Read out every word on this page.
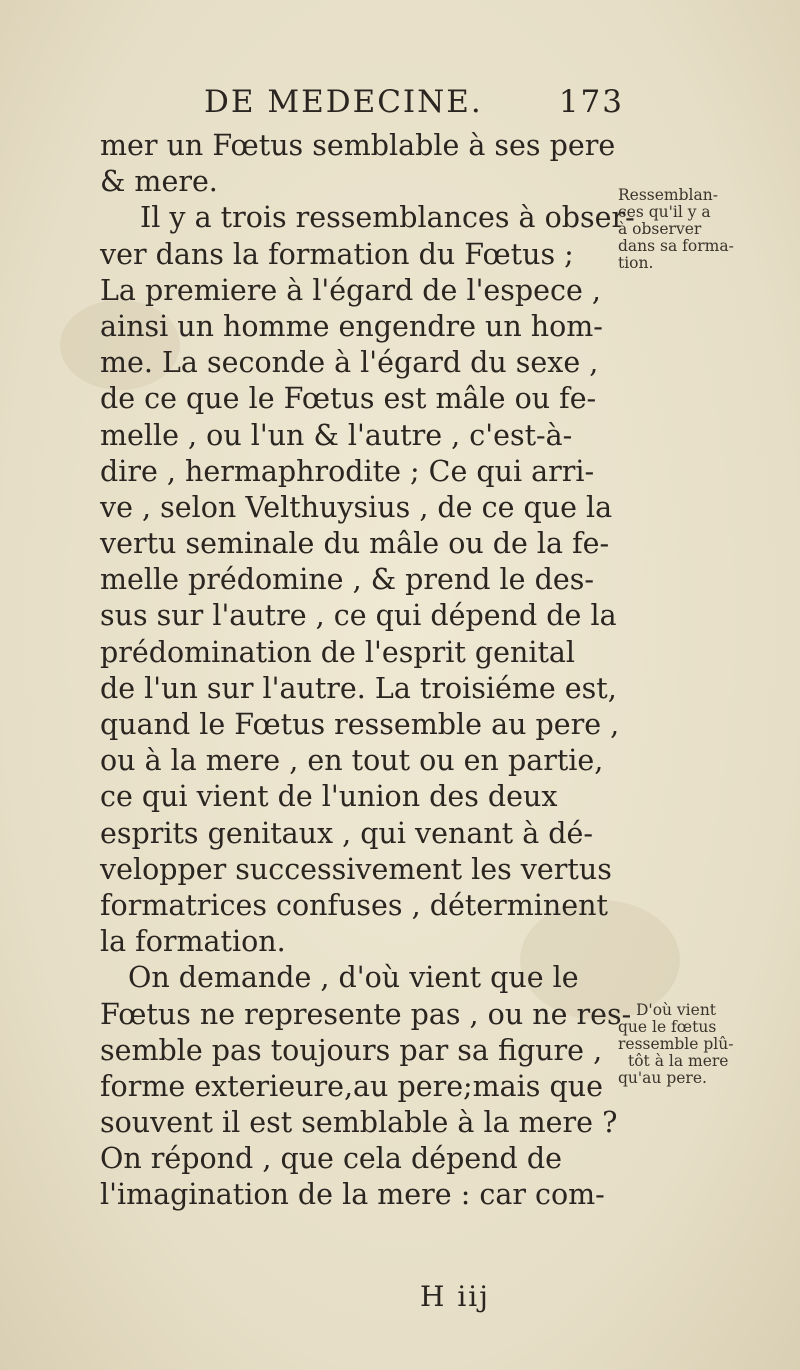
DE MEDECINE. 173
mer un Fœtus semblable à ses pere
& mere.
Il y a trois ressemblances à obser-
ver dans la formation du Fœtus ;
La premiere à l'égard de l'espece ,
ainsi un homme engendre un hom-
me. La seconde à l'égard du sexe ,
de ce que le Fœtus est mâle ou fe-
melle , ou l'un & l'autre , c'est-à-
dire , hermaphrodite ; Ce qui arri-
ve , selon Velthuysius , de ce que la
vertu seminale du mâle ou de la fe-
melle prédomine , & prend le des-
sus sur l'autre , ce qui dépend de la
prédomination de l'esprit genital
de l'un sur l'autre. La troisiéme est,
quand le Fœtus ressemble au pere ,
ou à la mere , en tout ou en partie,
ce qui vient de l'union des deux
esprits genitaux , qui venant à dé-
velopper successivement les vertus
formatrices confuses , déterminent
la formation.
On demande , d'où vient que le
Fœtus ne represente pas , ou ne res-
semble pas toujours par sa figure ,
forme exterieure,au pere;mais que
souvent il est semblable à la mere ?
On répond , que cela dépend de
l'imagination de la mere : car com-
Ressemblan-
ces qu'il y a
à observer
dans sa forma-
tion.
D'où vient
que le fœtus
ressemble plû-
tôt à la mere
qu'au pere.
H iij
